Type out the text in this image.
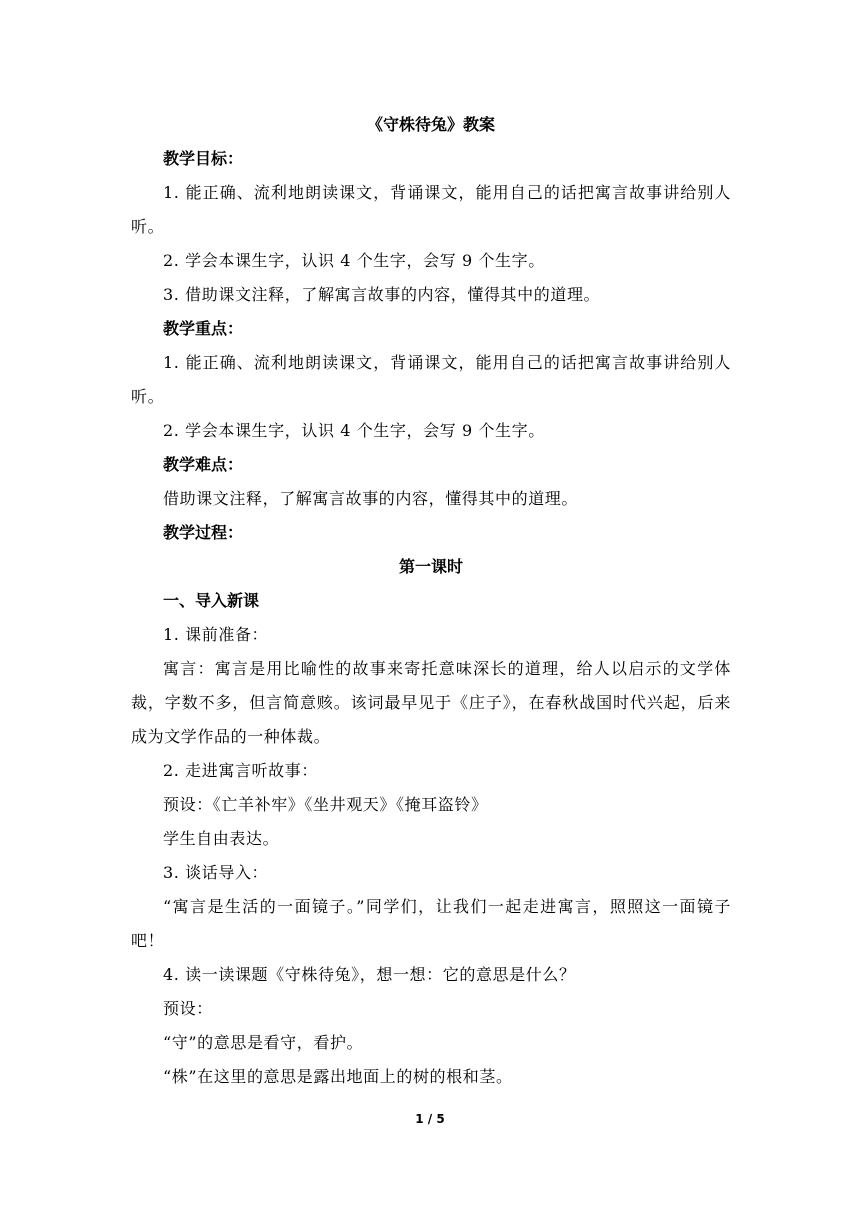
《守株待兔》教案
教学目标：
1. 能正确、流利地朗读课文，背诵课文，能用自己的话把寓言故事讲给别人听。
2. 学会本课生字，认识 4 个生字，会写 9 个生字。
3. 借助课文注释，了解寓言故事的内容，懂得其中的道理。
教学重点：
1. 能正确、流利地朗读课文，背诵课文，能用自己的话把寓言故事讲给别人听。
2. 学会本课生字，认识 4 个生字，会写 9 个生字。
教学难点：
借助课文注释，了解寓言故事的内容，懂得其中的道理。
教学过程：
第一课时
一、导入新课
1. 课前准备：
寓言：寓言是用比喻性的故事来寄托意味深长的道理，给人以启示的文学体裁，字数不多，但言简意赅。该词最早见于《庄子》，在春秋战国时代兴起，后来成为文学作品的一种体裁。
2. 走进寓言听故事：
预设：《亡羊补牢》《坐井观天》《掩耳盗铃》
学生自由表达。
3. 谈话导入：
“寓言是生活的一面镜子。”同学们，让我们一起走进寓言，照照这一面镜子吧！
4. 读一读课题《守株待兔》，想一想：它的意思是什么？
预设：
“守”的意思是看守，看护。
“株”在这里的意思是露出地面上的树的根和茎。
1 / 5
